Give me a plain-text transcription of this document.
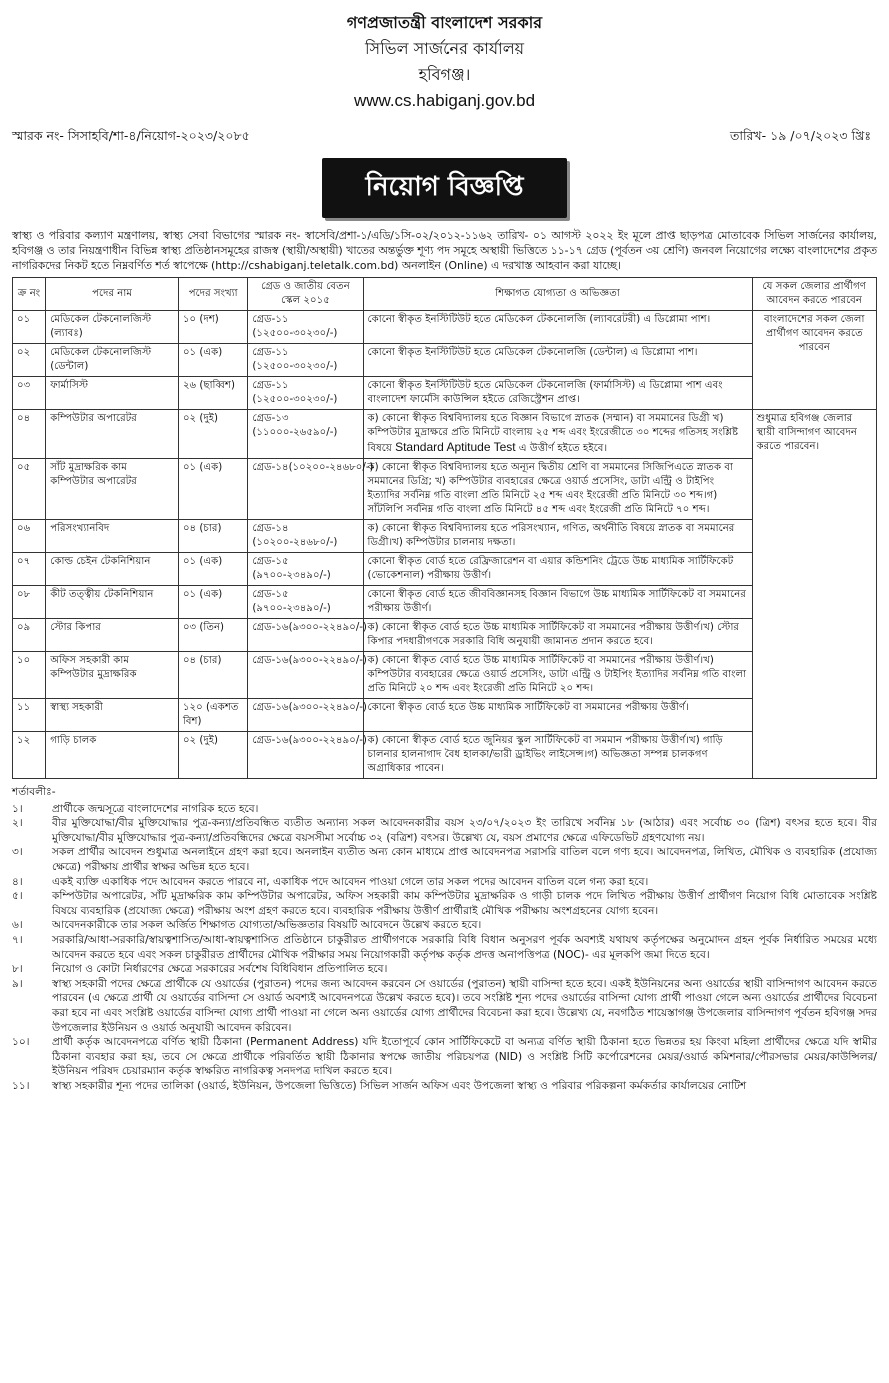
গণপ্রজাতন্ত্রী বাংলাদেশ সরকার
সিভিল সার্জনের কার্যালয়
হবিগঞ্জ।
www.cs.habiganj.gov.bd
স্মারক নং- সিসাহবি/শা-৪/নিয়োগ-২০২৩/২০৮৫	তারিখ- ১৯ /০৭/২০২৩ খ্রিঃ
নিয়োগ বিজ্ঞপ্তি
স্বাস্থ্য ও পরিবার কল্যাণ মন্ত্রণালয়, স্বাস্থ্য সেবা বিভাগের স্মারক নং- স্বাসেবি/প্রশা-১/এডি/১সি-০২/২০১২-১১৬২ তারিখ- ০১ আগস্ট ২০২২ ইং মূলে প্রাপ্ত ছাড়পত্র মোতাবেক সিভিল সার্জনের কার্যালয়, হবিগঞ্জ ও তার নিয়ন্ত্রণাধীন বিভিন্ন স্বাস্থ্য প্রতিষ্ঠানসমূহের রাজস্ব (স্থায়ী/অস্থায়ী) খাতের অন্তর্ভুক্ত শূণ্য পদ সমূহে অস্থায়ী ভিত্তিতে ১১-১৭ গ্রেড (পূর্বতন ৩য় শ্রেণি) জনবল নিয়োগের লক্ষ্যে বাংলাদেশের প্রকৃত নাগরিকদের নিকট হতে নিম্নবর্ণিত শর্ত স্বাপেক্ষে (http://cshabiganj.teletalk.com.bd) অনলাইন (Online) এ দরখাস্ত আহবান করা যাচ্ছে।
ক্র নং	পদের নাম	পদের সংখ্যা	গ্রেড ও জাতীয় বেতন স্কেল ২০১৫	শিক্ষাগত যোগ্যতা ও অভিজ্ঞতা	যে সকল জেলার প্রার্থীগণ আবেদন করতে পারবেন
০১	মেডিকেল টেকনোলজিস্ট (ল্যাবঃ)	১০ (দশ)	গ্রেড-১১ (১২৫০০-৩০২৩০/-)	কোনো স্বীকৃত ইনস্টিটিউট হতে মেডিকেল টেকনোলজি (ল্যাবরেটরী) এ ডিপ্লোমা পাশ।	বাংলাদেশের সকল জেলা প্রার্থীগণ আবেদন করতে পারবেন
০২	মেডিকেল টেকনোলজিস্ট (ডেন্টাল)	০১ (এক)	গ্রেড-১১ (১২৫০০-৩০২৩০/-)	কোনো স্বীকৃত ইনস্টিটিউট হতে মেডিকেল টেকনোলজি (ডেন্টাল) এ ডিপ্লোমা পাশ।	
০৩	ফার্মাসিস্ট	২৬ (ছাব্বিশ)	গ্রেড-১১ (১২৫০০-৩০২৩০/-)	কোনো স্বীকৃত ইনস্টিটিউট হতে মেডিকেল টেকনোলজি (ফার্মাসিস্ট) এ ডিপ্লোমা পাশ এবং বাংলাদেশ ফার্মেসি কাউন্সিল হইতে রেজিস্ট্রেশন প্রাপ্ত।	
০৪	কম্পিউটার অপারেটর	০২ (দুই)	গ্রেড-১৩ (১১০০০-২৬৫৯০/-)	ক) কোনো স্বীকৃত বিশ্ববিদ্যালয় হতে বিজ্ঞান বিভাগে স্নাতক (সম্মান) বা সমমানের ডিগ্রী খ) কম্পিউটার মুদ্রাক্ষরে প্রতি মিনিটে বাংলায় ২৫ শব্দ এবং ইংরেজীতে ৩০ শব্দের গতিসহ সংশ্লিষ্ট বিষয়ে Standard Aptitude Test এ উত্তীর্ণ হইতে হইবে।	শুধুমাত্র হবিগঞ্জ জেলার স্থায়ী বাসিন্দাগণ আবেদন করতে পারবেন।
০৫	সাঁট মুদ্রাক্ষরিক কাম কম্পিউটার অপারেটর	০১ (এক)	গ্রেড-১৪(১০২০০-২৪৬৮০/-)	ক) কোনো স্বীকৃত বিশ্ববিদ্যালয় হতে অন্যূন দ্বিতীয় শ্রেণি বা সমমানের সিজিপিএতে স্নাতক বা সমমানের ডিগ্রি; খ) কম্পিউটার ব্যবহারের ক্ষেত্রে ওয়ার্ড প্রসেসিং, ডাটা এন্ট্রি ও টাইপিং ইত্যাদির সর্বনিম্ন গতি বাংলা প্রতি মিনিটে ২৫ শব্দ এবং ইংরেজী প্রতি মিনিটে ৩০ শব্দ।গ) সাঁটলিপি সর্বনিম্ন গতি বাংলা প্রতি মিনিটে ৪৫ শব্দ এবং ইংরেজী প্রতি মিনিটে ৭০ শব্দ।	
০৬	পরিসংখ্যানবিদ	০৪ (চার)	গ্রেড-১৪ (১০২০০-২৪৬৮০/-)	ক) কোনো স্বীকৃত বিশ্ববিদ্যালয় হতে পরিসংখ্যান, গণিত, অর্থনীতি বিষয়ে স্নাতক বা সমমানের ডিগ্রী।খ) কম্পিউটার চালনায় দক্ষতা।	
০৭	কোল্ড চেইন টেকনিশিয়ান	০১ (এক)	গ্রেড-১৫ (৯৭০০-২৩৪৯০/-)	কোনো স্বীকৃত বোর্ড হতে রেফ্রিজারেশন বা এয়ার কন্ডিশনিং ট্রেডে উচ্চ মাধ্যমিক সার্টিফিকেট (ভোকেশনাল) পরীক্ষায় উত্তীর্ণ।	
০৮	কীট তত্ত্বীয় টেকনিশিয়ান	০১ (এক)	গ্রেড-১৫ (৯৭০০-২৩৪৯০/-)	কোনো স্বীকৃত বোর্ড হতে জীববিজ্ঞানসহ বিজ্ঞান বিভাগে উচ্চ মাধ্যমিক সার্টিফিকেট বা সমমানের পরীক্ষায় উত্তীর্ণ।	
০৯	স্টোর কিপার	০৩ (তিন)	গ্রেড-১৬(৯৩০০-২২৪৯০/-)	ক) কোনো স্বীকৃত বোর্ড হতে উচ্চ মাধ্যমিক সার্টিফিকেট বা সমমানের পরীক্ষায় উত্তীর্ণ।খ) স্টোর কিপার পদধারীগণকে সরকারি বিধি অনুযায়ী জামানত প্রদান করতে হবে।	
১০	অফিস সহকারী কাম কম্পিউটার মুদ্রাক্ষরিক	০৪ (চার)	গ্রেড-১৬(৯৩০০-২২৪৯০/-)	ক) কোনো স্বীকৃত বোর্ড হতে উচ্চ মাধ্যমিক সার্টিফিকেট বা সমমানের পরীক্ষায় উত্তীর্ণ।খ) কম্পিউটার ব্যবহারের ক্ষেত্রে ওয়ার্ড প্রসেসিং, ডাটা এন্ট্রি ও টাইপিং ইত্যাদির সর্বনিম্ন গতি বাংলা প্রতি মিনিটে ২০ শব্দ এবং ইংরেজী প্রতি মিনিটে ২০ শব্দ।	
১১	স্বাস্থ্য সহকারী	১২০ (একশত বিশ)	গ্রেড-১৬(৯৩০০-২২৪৯০/-)	কোনো স্বীকৃত বোর্ড হতে উচ্চ মাধ্যমিক সার্টিফিকেট বা সমমানের পরীক্ষায় উত্তীর্ণ।	
১২	গাড়ি চালক	০২ (দুই)	গ্রেড-১৬(৯৩০০-২২৪৯০/-)	ক) কোনো স্বীকৃত বোর্ড হতে জুনিয়র স্কুল সার্টিফিকেট বা সমমান পরীক্ষায় উত্তীর্ণ।খ) গাড়ি চালনার হালনাগাদ বৈধ হালকা/ভারী ড্রাইভিং লাইসেন্স।গ) অভিজ্ঞতা সম্পন্ন চালকগণ অগ্রাধিকার পাবেন।	
শর্তাবলীঃ-
১।	প্রার্থীকে জন্মসূত্রে বাংলাদেশের নাগরিক হতে হবে।
২।	বীর মুক্তিযোদ্ধা/বীর মুক্তিযোদ্ধার পুত্র-কন্যা/প্রতিবন্ধিত ব্যতীত অন্যান্য সকল আবেদনকারীর বয়স ২৩/০৭/২০২৩ ইং তারিখে সর্বনিম্ন ১৮ (আঠার) এবং সর্বোচ্চ ৩০ (ত্রিশ) বৎসর হতে হবে। বীর মুক্তিযোদ্ধা/বীর মুক্তিযোদ্ধার পুত্র-কন্যা/প্রতিবন্ধিদের ক্ষেত্রে বয়সসীমা সর্বোচ্চ ৩২ (বত্রিশ) বৎসর। উল্লেখ্য যে, বয়স প্রমাণের ক্ষেত্রে এফিডেভিট গ্রহণযোগ্য নয়।
৩।	সকল প্রার্থীর আবেদন শুধুমাত্র অনলাইনে গ্রহণ করা হবে। অনলাইন ব্যতীত অন্য কোন মাধ্যমে প্রাপ্ত আবেদনপত্র সরাসরি বাতিল বলে গণ্য হবে। আবেদনপত্র, লিখিত, মৌখিক ও ব্যবহারিক (প্রযোজ্য ক্ষেত্রে) পরীক্ষায় প্রার্থীর স্বাক্ষর অভিন্ন হতে হবে।
৪।	একই ব্যক্তি একাধিক পদে আবেদন করতে পারবে না, একাধিক পদে আবেদন পাওয়া গেলে তার সকল পদের আবেদন বাতিল বলে গন্য করা হবে।
৫।	কম্পিউটার অপারেটর, সাঁট মুদ্রাক্ষরিক কাম কম্পিউটার অপারেটর, অফিস সহকারী কাম কম্পিউটার মুদ্রাক্ষরিক ও গাড়ী চালক পদে লিখিত পরীক্ষায় উত্তীর্ণ প্রার্থীগণ নিয়োগ বিধি মোতাবেক সংশ্লিষ্ট বিষয়ে ব্যবহারিক (প্রযোজ্য ক্ষেত্রে) পরীক্ষায় অংশ গ্রহণ করতে হবে। ব্যবহারিক পরীক্ষায় উত্তীর্ণ প্রার্থীরাই মৌখিক পরীক্ষায় অংশগ্রহনের যোগ্য হবেন।
৬।	আবেদনকারীকে তার সকল অর্জিত শিক্ষাগত যোগ্যতা/অভিজ্ঞতার বিষয়টি আবেদনে উল্লেখ করতে হবে।
৭।	সরকারি/আধা-সরকারি/স্বায়ত্বশাসিত/আধা-স্বায়ত্বশাসিত প্রতিষ্ঠানে চাকুরীরত প্রার্থীগণকে সরকারি বিধি বিধান অনুসরণ পূর্বক অবশ্যই যথাযথ কর্তৃপক্ষের অনুমোদন গ্রহন পূর্বক নির্ধারিত সময়ের মধ্যে আবেদন করতে হবে এবং সকল চাকুরীরত প্রার্থীদের মৌখিক পরীক্ষার সময় নিয়োগকারী কর্তৃপক্ষ কর্তৃক প্রদত্ত অনাপত্তিপত্র (NOC)- এর মূলকপি জমা দিতে হবে।
৮।	নিয়োগ ও কোটা নির্ধারণের ক্ষেত্রে সরকারের সর্বশেষ বিধিবিধান প্রতিপালিত হবে।
৯।	স্বাস্থ্য সহকারী পদের ক্ষেত্রে প্রার্থীকে যে ওয়ার্ডের (পুরাতন) পদের জন্য আবেদন করবেন সে ওয়ার্ডের (পুরাতন) স্থায়ী বাসিন্দা হতে হবে। একই ইউনিয়নের অন্য ওয়ার্ডের স্থায়ী বাসিন্দাগণ আবেদন করতে পারবেন (এ ক্ষেত্রে প্রার্থী যে ওয়ার্ডের বাসিন্দা সে ওয়ার্ড অবশ্যই আবেদনপত্রে উল্লেখ করতে হবে)। তবে সংশ্লিষ্ট শূন্য পদের ওয়ার্ডের বাসিন্দা যোগ্য প্রার্থী পাওয়া গেলে অন্য ওয়ার্ডের প্রার্থীদের বিবেচনা করা হবে না এবং সংশ্লিষ্ট ওয়ার্ডের বাসিন্দা যোগ্য প্রার্থী পাওয়া না গেলে অন্য ওয়ার্ডের যোগ্য প্রার্থীদের বিবেচনা করা হবে। উল্লেখ্য যে, নবগঠিত শায়েস্তাগঞ্জ উপজেলার বাসিন্দাগণ পূর্বতন হবিগঞ্জ সদর উপজেলার ইউনিয়ন ও ওয়ার্ড অনুযায়ী আবেদন করিবেন।
১০।	প্রার্থী কর্তৃক আবেদনপত্রে বর্ণিত স্থায়ী ঠিকানা (Permanent Address) যদি ইতোপূর্বে কোন সার্টিফিকেটে বা অন্যত্র বর্ণিত স্থায়ী ঠিকানা হতে ভিন্নতর হয় কিংবা মহিলা প্রার্থীদের ক্ষেত্রে যদি স্বামীর ঠিকানা ব্যবহার করা হয়, তবে সে ক্ষেত্রে প্রার্থীকে পরিবর্তিত স্থায়ী ঠিকানার স্বপক্ষে জাতীয় পরিচয়পত্র (NID) ও সংশ্লিষ্ট সিটি কর্পোরেশনের মেয়র/ওয়ার্ড কমিশনার/পৌরসভার মেয়র/কাউন্সিলর/ ইউনিয়ন পরিষদ চেয়ারম্যান কর্তৃক স্বাক্ষরিত নাগরিকত্ব সনদপত্র দাখিল করতে হবে।
১১।	স্বাস্থ্য সহকারীর শূন্য পদের তালিকা (ওয়ার্ড, ইউনিয়ন, উপজেলা ভিত্তিতে) সিভিল সার্জন অফিস এবং উপজেলা স্বাস্থ্য ও পরিবার পরিকল্পনা কর্মকর্তার কার্যালয়ের নোটিশ
